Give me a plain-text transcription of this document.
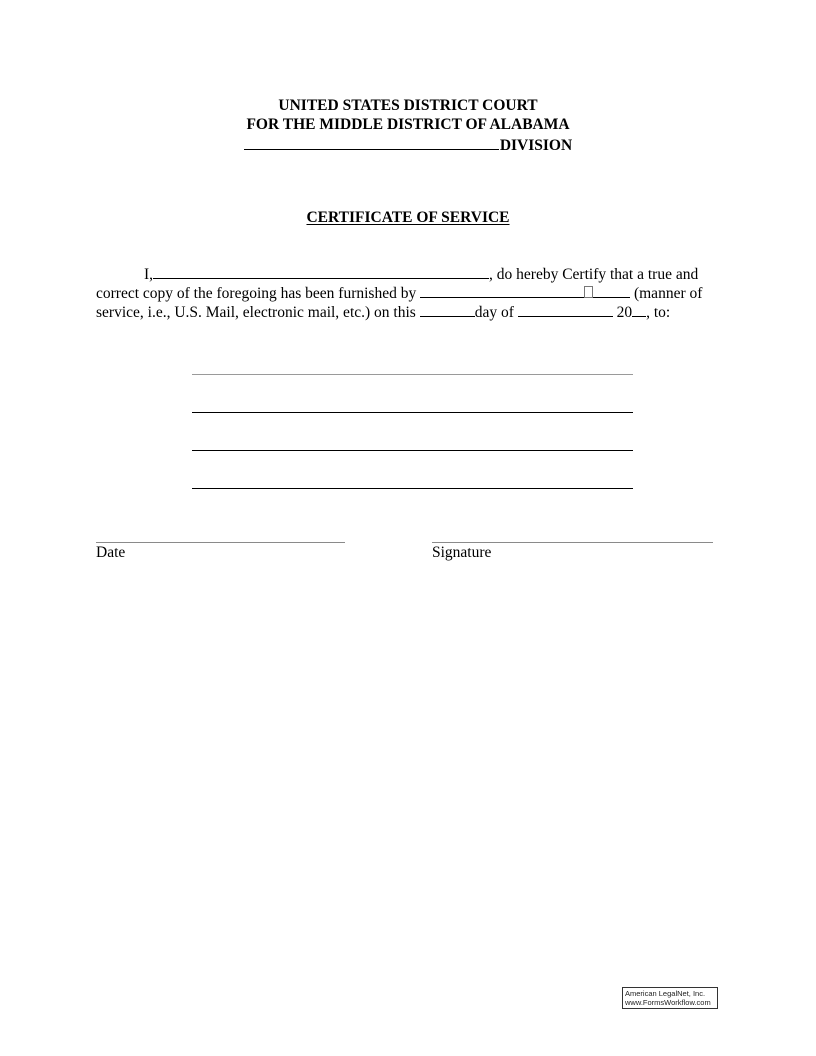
UNITED STATES DISTRICT COURT
FOR THE MIDDLE DISTRICT OF ALABAMA
DIVISION
CERTIFICATE OF SERVICE
I,	, do hereby Certify that a true and
correct copy of the foregoing has been furnished by	(manner of
service, i.e., U.S. Mail, electronic mail, etc.) on this	day of	20 , to:
Date	Signature
American LegalNet, Inc.
www.FormsWorkflow.com
